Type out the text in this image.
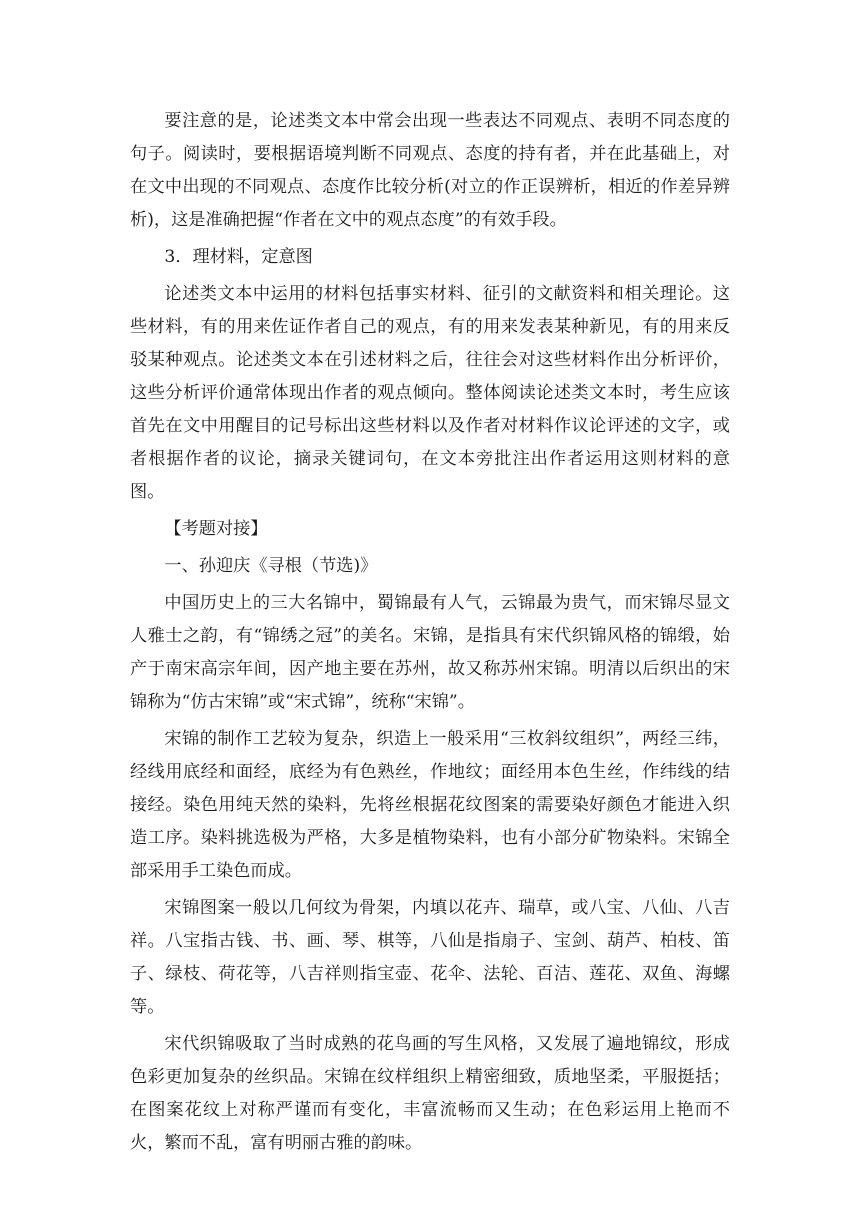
要注意的是，论述类文本中常会出现一些表达不同观点、表明不同态度的句子。阅读时，要根据语境判断不同观点、态度的持有者，并在此基础上，对在文中出现的不同观点、态度作比较分析(对立的作正误辨析，相近的作差异辨析)，这是准确把握“作者在文中的观点态度”的有效手段。

3．理材料，定意图

论述类文本中运用的材料包括事实材料、征引的文献资料和相关理论。这些材料，有的用来佐证作者自己的观点，有的用来发表某种新见，有的用来反驳某种观点。论述类文本在引述材料之后，往往会对这些材料作出分析评价，这些分析评价通常体现出作者的观点倾向。整体阅读论述类文本时，考生应该首先在文中用醒目的记号标出这些材料以及作者对材料作议论评述的文字，或者根据作者的议论，摘录关键词句，在文本旁批注出作者运用这则材料的意图。

【考题对接】

一、孙迎庆《寻根（节选)》

中国历史上的三大名锦中，蜀锦最有人气，云锦最为贵气，而宋锦尽显文人雅士之韵，有“锦绣之冠”的美名。宋锦，是指具有宋代织锦风格的锦缎，始产于南宋高宗年间，因产地主要在苏州，故又称苏州宋锦。明清以后织出的宋锦称为“仿古宋锦”或“宋式锦”，统称“宋锦”。

宋锦的制作工艺较为复杂，织造上一般采用“三枚斜纹组织”，两经三纬，经线用底经和面经，底经为有色熟丝，作地纹；面经用本色生丝，作纬线的结接经。染色用纯天然的染料，先将丝根据花纹图案的需要染好颜色才能进入织造工序。染料挑选极为严格，大多是植物染料，也有小部分矿物染料。宋锦全部采用手工染色而成。

宋锦图案一般以几何纹为骨架，内填以花卉、瑞草，或八宝、八仙、八吉祥。八宝指古钱、书、画、琴、棋等，八仙是指扇子、宝剑、葫芦、柏枝、笛子、绿枝、荷花等，八吉祥则指宝壶、花伞、法轮、百洁、莲花、双鱼、海螺等。

宋代织锦吸取了当时成熟的花鸟画的写生风格，又发展了遍地锦纹，形成色彩更加复杂的丝织品。宋锦在纹样组织上精密细致，质地坚柔，平服挺括；在图案花纹上对称严谨而有变化，丰富流畅而又生动；在色彩运用上艳而不火，繁而不乱，富有明丽古雅的韵味。
